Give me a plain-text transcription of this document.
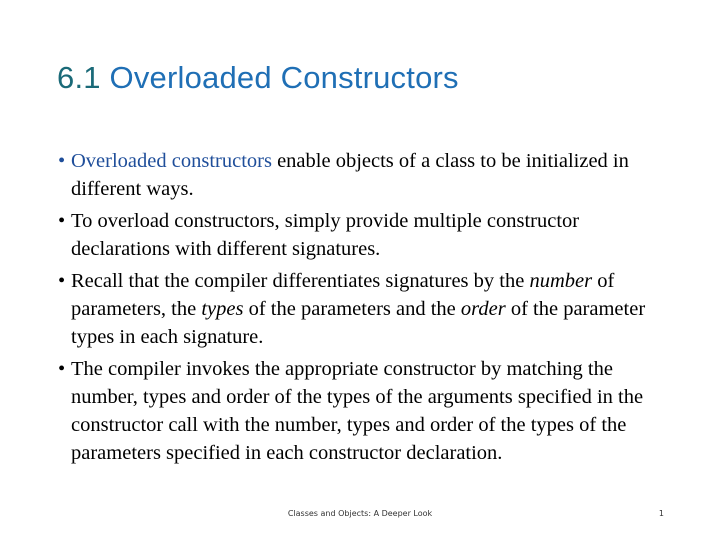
6.1 Overloaded Constructors
• Overloaded constructors enable objects of a class to be initialized in different ways.
• To overload constructors, simply provide multiple constructor declarations with different signatures.
• Recall that the compiler differentiates signatures by the number of parameters, the types of the parameters and the order of the parameter types in each signature.
• The compiler invokes the appropriate constructor by matching the number, types and order of the types of the arguments specified in the constructor call with the number, types and order of the types of the parameters specified in each constructor declaration.
Classes and Objects: A Deeper Look	1
